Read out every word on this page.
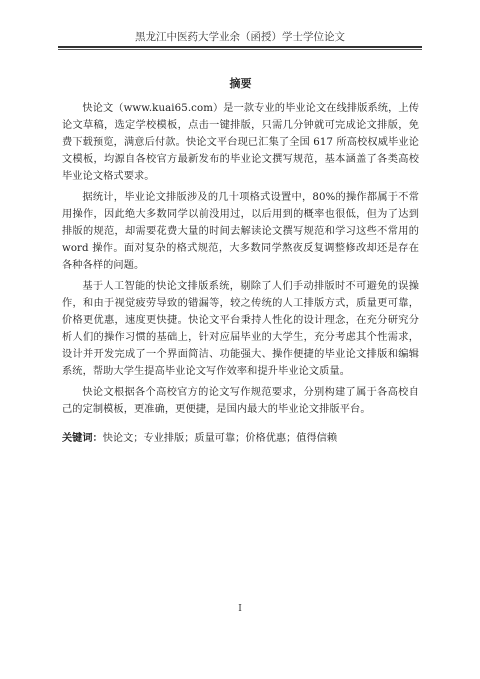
黑龙江中医药大学业余（函授）学士学位论文
摘要

快论文（www.kuai65.com）是一款专业的毕业论文在线排版系统，上传论文草稿，选定学校模板，点击一键排版，只需几分钟就可完成论文排版，免费下载预览，满意后付款。快论文平台现已汇集了全国 617 所高校权威毕业论文模板，均源自各校官方最新发布的毕业论文撰写规范，基本涵盖了各类高校毕业论文格式要求。

据统计，毕业论文排版涉及的几十项格式设置中，80%的操作都属于不常用操作，因此绝大多数同学以前没用过，以后用到的概率也很低，但为了达到排版的规范，却需要花费大量的时间去解读论文撰写规范和学习这些不常用的 word 操作。面对复杂的格式规范，大多数同学熬夜反复调整修改却还是存在各种各样的问题。

基于人工智能的快论文排版系统，剔除了人们手动排版时不可避免的误操作，和由于视觉疲劳导致的错漏等，较之传统的人工排版方式，质量更可靠，价格更优惠，速度更快捷。快论文平台秉持人性化的设计理念，在充分研究分析人们的操作习惯的基础上，针对应届毕业的大学生，充分考虑其个性需求，设计并开发完成了一个界面简洁、功能强大、操作便捷的毕业论文排版和编辑系统，帮助大学生提高毕业论文写作效率和提升毕业论文质量。

快论文根据各个高校官方的论文写作规范要求，分别构建了属于各高校自己的定制模板，更准确，更便捷，是国内最大的毕业论文排版平台。

关键词：快论文；专业排版；质量可靠；价格优惠；值得信赖
I
